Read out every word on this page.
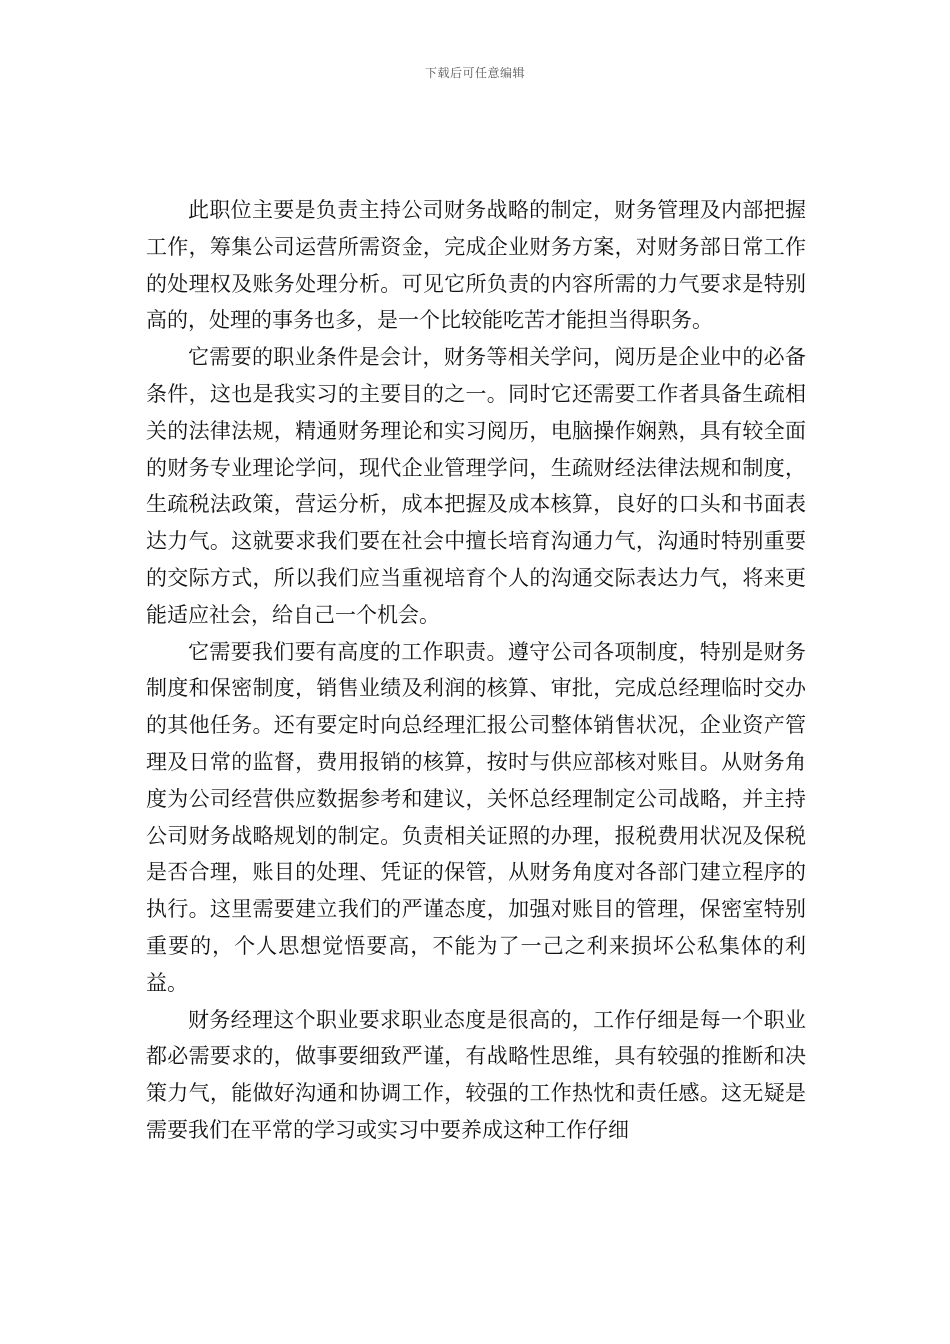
下载后可任意编辑

此职位主要是负责主持公司财务战略的制定，财务管理及内部把握工作，筹集公司运营所需资金，完成企业财务方案，对财务部日常工作的处理权及账务处理分析。可见它所负责的内容所需的力气要求是特别高的，处理的事务也多，是一个比较能吃苦才能担当得职务。

它需要的职业条件是会计，财务等相关学问，阅历是企业中的必备条件，这也是我实习的主要目的之一。同时它还需要工作者具备生疏相关的法律法规，精通财务理论和实习阅历，电脑操作娴熟，具有较全面的财务专业理论学问，现代企业管理学问，生疏财经法律法规和制度，生疏税法政策，营运分析，成本把握及成本核算，良好的口头和书面表达力气。这就要求我们要在社会中擅长培育沟通力气，沟通时特别重要的交际方式，所以我们应当重视培育个人的沟通交际表达力气，将来更能适应社会，给自己一个机会。

它需要我们要有高度的工作职责。遵守公司各项制度，特别是财务制度和保密制度，销售业绩及利润的核算、审批，完成总经理临时交办的其他任务。还有要定时向总经理汇报公司整体销售状况，企业资产管理及日常的监督，费用报销的核算，按时与供应部核对账目。从财务角度为公司经营供应数据参考和建议，关怀总经理制定公司战略，并主持公司财务战略规划的制定。负责相关证照的办理，报税费用状况及保税是否合理，账目的处理、凭证的保管，从财务角度对各部门建立程序的执行。这里需要建立我们的严谨态度，加强对账目的管理，保密室特别重要的，个人思想觉悟要高，不能为了一己之利来损坏公私集体的利益。

财务经理这个职业要求职业态度是很高的，工作仔细是每一个职业都必需要求的，做事要细致严谨，有战略性思维，具有较强的推断和决策力气，能做好沟通和协调工作，较强的工作热忱和责任感。这无疑是需要我们在平常的学习或实习中要养成这种工作仔细
